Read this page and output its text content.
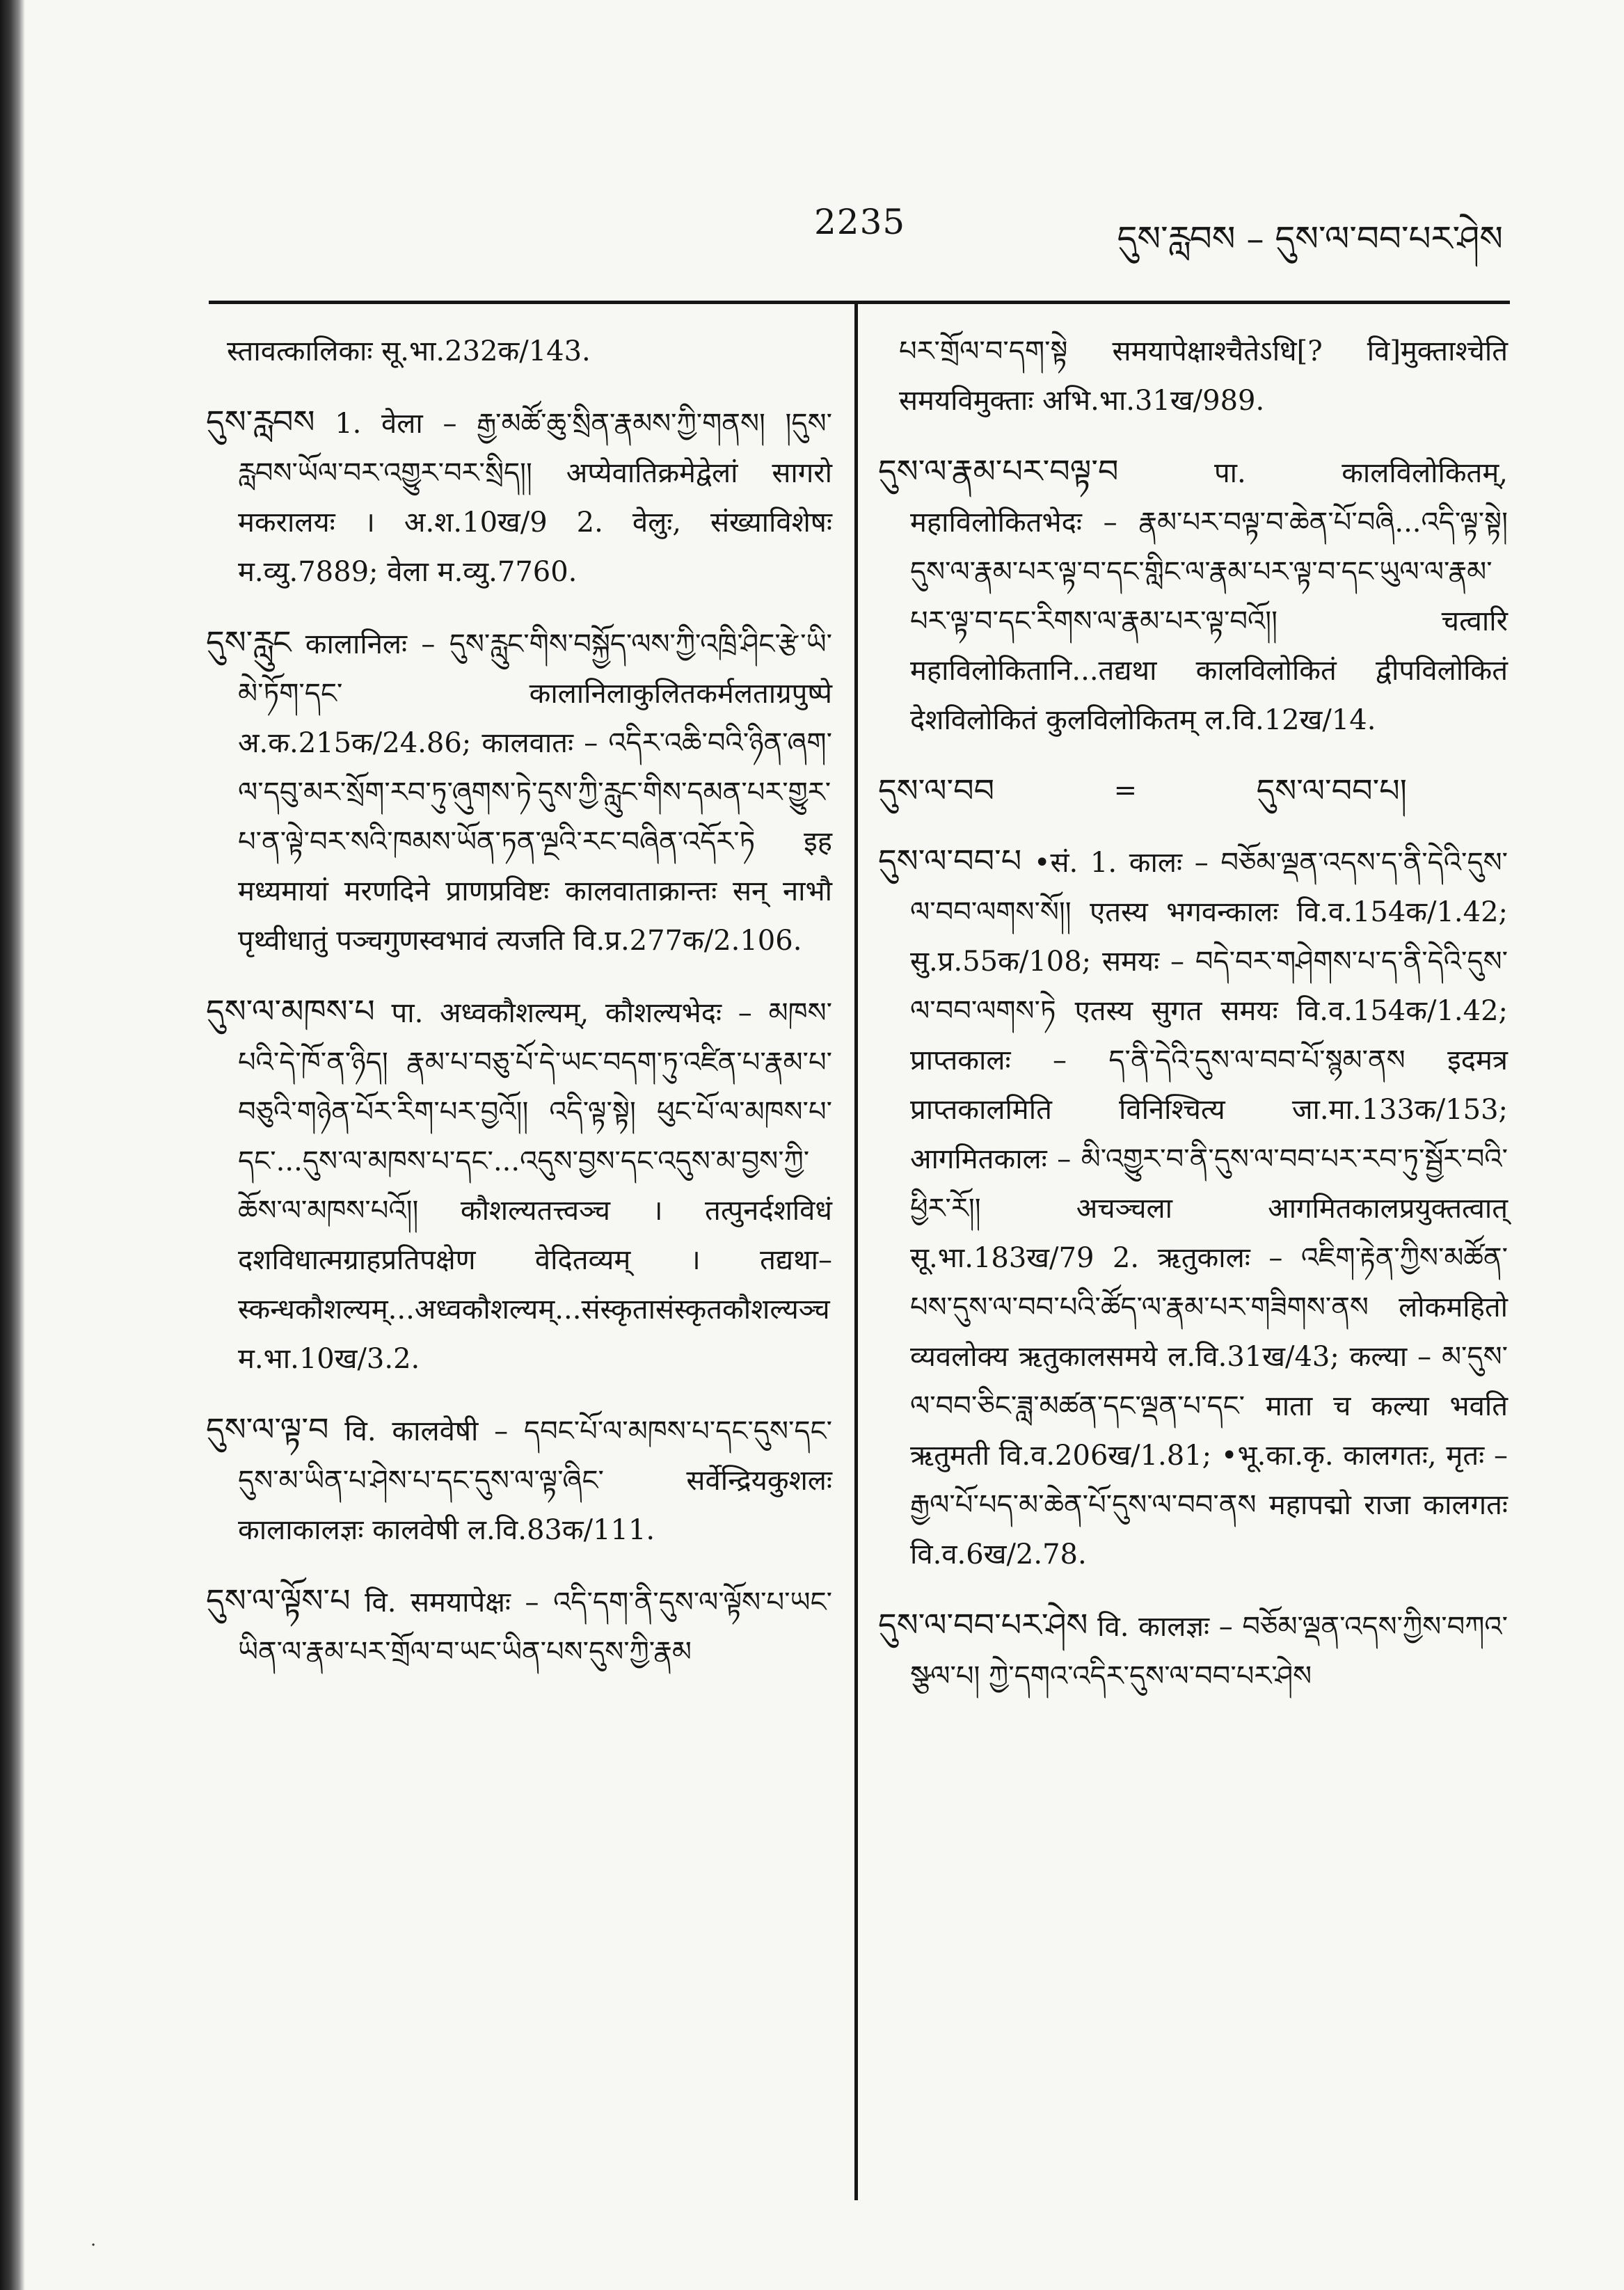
2235	དུས་རླབས – དུས་ལ་བབ་པར་ཤེས

स्तावत्कालिकाः सू.भा.232क/143.

དུས་རླབས 1. वेला – རྒྱ་མཚོ་ཆུ་སྲིན་རྣམས་ཀྱི་གནས། །དུས་རླབས་ཡོལ་བར་འགྱུར་བར་སྲིད།། अप्येवातिक्रमेद्वेलां सागरो मकरालयः । अ.श.10ख/9 2. वेलुः, संख्याविशेषः म.व्यु.7889; वेला म.व्यु.7760.

དུས་རླུང कालानिलः – དུས་རླུང་གིས་བསྐྱོད་ལས་ཀྱི་འཁྲི་ཤིང་རྩེ་ཡི་མེ་ཏོག་དང་ कालानिलाकुलितकर्मलताग्रपुष्पे अ.क.215क/24.86; कालवातः – འདིར་འཆི་བའི་ཉིན་ཞག་ལ་དབུ་མར་སྲོག་རབ་ཏུ་ཞུགས་ཏེ་དུས་ཀྱི་རླུང་གིས་དམན་པར་གྱུར་པ་ན་ལྟེ་བར་སའི་ཁམས་ཡོན་ཏན་ལྔའི་རང་བཞིན་འདོར་ཏེ इह मध्यमायां मरणदिने प्राणप्रविष्टः कालवाताक्रान्तः सन् नाभौ पृथ्वीधातुं पञ्चगुणस्वभावं त्यजति वि.प्र.277क/2.106.

དུས་ལ་མཁས་པ पा. अध्वकौशल्यम्, कौशल्यभेदः – མཁས་པའི་དེ་ཁོ་ན་ཉིད། རྣམ་པ་བཅུ་པོ་དེ་ཡང་བདག་ཏུ་འཛིན་པ་རྣམ་པ་བཅུའི་གཉེན་པོར་རིག་པར་བྱའོ།། འདི་ལྟ་སྟེ། ཕུང་པོ་ལ་མཁས་པ་དང་...དུས་ལ་མཁས་པ་དང་...འདུས་བྱས་དང་འདུས་མ་བྱས་ཀྱི་ཆོས་ལ་མཁས་པའོ།། कौशल्यतत्त्वञ्च । तत्पुनर्दशविधं दशविधात्मग्राहप्रतिपक्षेण वेदितव्यम् । तद्यथा–स्कन्धकौशल्यम्...अध्वकौशल्यम्...संस्कृतासंस्कृतकौशल्यञ्च म.भा.10ख/3.2.

དུས་ལ་ལྟ་བ वि. कालवेषी – དབང་པོ་ལ་མཁས་པ་དང་དུས་དང་དུས་མ་ཡིན་པ་ཤེས་པ་དང་དུས་ལ་ལྟ་ཞིང་ सर्वेन्द्रियकुशलः कालाकालज्ञः कालवेषी ल.वि.83क/111.

དུས་ལ་ལྟོས་པ वि. समयापेक्षः – འདི་དག་ནི་དུས་ལ་ལྟོས་པ་ཡང་ཡིན་ལ་རྣམ་པར་གྲོལ་བ་ཡང་ཡིན་པས་དུས་ཀྱི་རྣམ

པར་གྲོལ་བ་དག་སྟེ समयापेक्षाश्चैतेऽधि[? वि]मुक्ताश्चेति समयविमुक्ताः अभि.भा.31ख/989.

དུས་ལ་རྣམ་པར་བལྟ་བ पा. कालविलोकितम्, महाविलोकितभेदः – རྣམ་པར་བལྟ་བ་ཆེན་པོ་བཞི...འདི་ལྟ་སྟེ། དུས་ལ་རྣམ་པར་ལྟ་བ་དང་གླིང་ལ་རྣམ་པར་ལྟ་བ་དང་ཡུལ་ལ་རྣམ་པར་ལྟ་བ་དང་རིགས་ལ་རྣམ་པར་ལྟ་བའོ།། चत्वारि महाविलोकितानि...तद्यथा कालविलोकितं द्वीपविलोकितं देशविलोकितं कुलविलोकितम् ल.वि.12ख/14.

དུས་ལ་བབ	=	དུས་ལ་བབ་པ།

དུས་ལ་བབ་པ •सं. 1. कालः – བཅོམ་ལྡན་འདས་ད་ནི་དེའི་དུས་ལ་བབ་ལགས་སོ།། एतस्य भगवन्कालः वि.व.154क/1.42; सु.प्र.55क/108; समयः – བདེ་བར་གཤེགས་པ་ད་ནི་དེའི་དུས་ལ་བབ་ལགས་ཏེ एतस्य सुगत समयः वि.व.154क/1.42; प्राप्तकालः – ད་ནི་དེའི་དུས་ལ་བབ་པོ་སྙམ་ནས इदमत्र प्राप्तकालमिति विनिश्चित्य जा.मा.133क/153; आगमितकालः – མི་འགྱུར་བ་ནི་དུས་ལ་བབ་པར་རབ་ཏུ་སྦྱོར་བའི་ཕྱིར་རོ།། अचञ्चला आगमितकालप्रयुक्तत्वात् सू.भा.183ख/79 2. ऋतुकालः – འཇིག་རྟེན་ཀྱིས་མཚོན་པས་དུས་ལ་བབ་པའི་ཚོད་ལ་རྣམ་པར་གཟིགས་ནས लोकमहितो व्यवलोक्य ऋतुकालसमये ल.वि.31ख/43; कल्या – མ་དུས་ལ་བབ་ཅིང་ཟླ་མཚན་དང་ལྡན་པ་དང་ माता च कल्या भवति ऋतुमती वि.व.206ख/1.81; •भू.का.कृ. कालगतः, मृतः – རྒྱལ་པོ་པད་མ་ཆེན་པོ་དུས་ལ་བབ་ནས महापद्मो राजा कालगतः वि.व.6ख/2.78.

དུས་ལ་བབ་པར་ཤེས वि. कालज्ञः – བཅོམ་ལྡན་འདས་ཀྱིས་བཀའ་སྩལ་པ། ཀྱེ་དགའ་འདིར་དུས་ལ་བབ་པར་ཤེས

·
